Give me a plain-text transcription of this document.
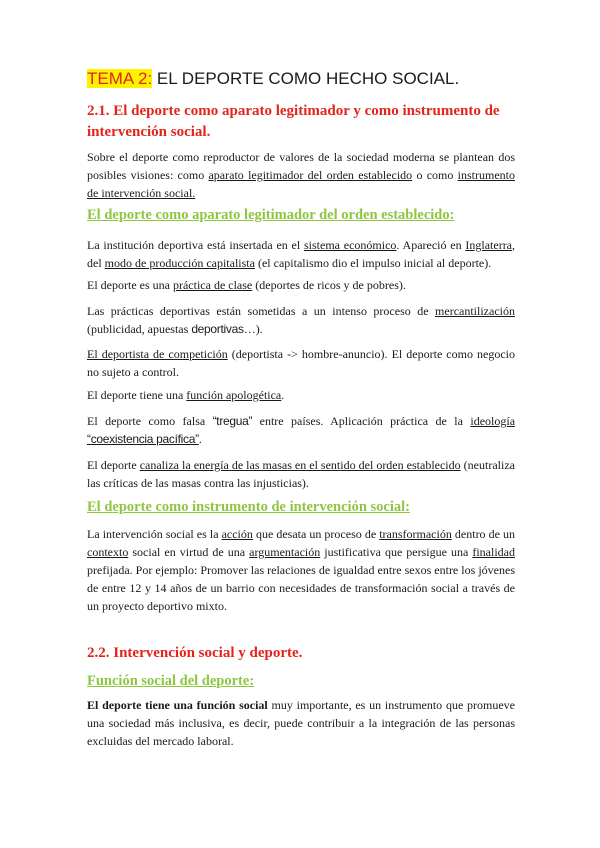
TEMA 2: EL DEPORTE COMO HECHO SOCIAL.
2.1. El deporte como aparato legitimador y como instrumento de intervención social.

Sobre el deporte como reproductor de valores de la sociedad moderna se plantean dos posibles visiones: como aparato legitimador del orden establecido o como instrumento de intervención social.

El deporte como aparato legitimador del orden establecido:

La institución deportiva está insertada en el sistema económico. Apareció en Inglaterra, del modo de producción capitalista (el capitalismo dio el impulso inicial al deporte).

El deporte es una práctica de clase (deportes de ricos y de pobres).

Las prácticas deportivas están sometidas a un intenso proceso de mercantilización (publicidad, apuestas deportivas…).

El deportista de competición (deportista -> hombre-anuncio). El deporte como negocio no sujeto a control.

El deporte tiene una función apologética.

El deporte como falsa “tregua” entre países. Aplicación práctica de la ideología “coexistencia pacífica”.

El deporte canaliza la energía de las masas en el sentido del orden establecido (neutraliza las críticas de las masas contra las injusticias).

El deporte como instrumento de intervención social:

La intervención social es la acción que desata un proceso de transformación dentro de un contexto social en virtud de una argumentación justificativa que persigue una finalidad prefijada. Por ejemplo: Promover las relaciones de igualdad entre sexos entre los jóvenes de entre 12 y 14 años de un barrio con necesidades de transformación social a través de un proyecto deportivo mixto.

2.2. Intervención social y deporte.
Función social del deporte:

El deporte tiene una función social muy importante, es un instrumento que promueve una sociedad más inclusiva, es decir, puede contribuir a la integración de las personas excluidas del mercado laboral.
